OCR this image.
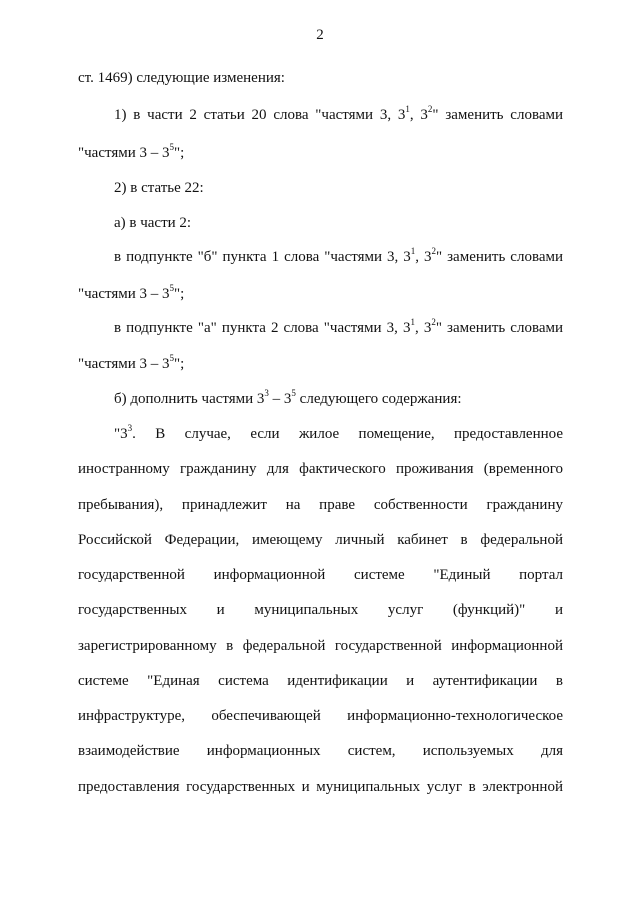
2
ст. 1469) следующие изменения:
1) в части 2 статьи 20 слова "частями 3, $3^1$, $3^2$" заменить словами
"частями $3 - 3^5$";
2) в статье 22:
а) в части 2:
в подпункте "б" пункта 1 слова "частями 3, $3^1$, $3^2$" заменить словами
"частями $3 - 3^5$";
в подпункте "а" пункта 2 слова "частями 3, $3^1$, $3^2$" заменить словами
"частями $3 - 3^5$";
б) дополнить частями $3^3 - 3^5$ следующего содержания:
"$3^3$. В случае, если жилое помещение, предоставленное
иностранному гражданину для фактического проживания (временного
пребывания), принадлежит на праве собственности гражданину
Российской Федерации, имеющему личный кабинет в федеральной
государственной информационной системе "Единый портал
государственных и муниципальных услуг (функций)" и
зарегистрированному в федеральной государственной информационной
системе "Единая система идентификации и аутентификации в
инфраструктуре, обеспечивающей информационно-технологическое
взаимодействие информационных систем, используемых для
предоставления государственных и муниципальных услуг в электронной
